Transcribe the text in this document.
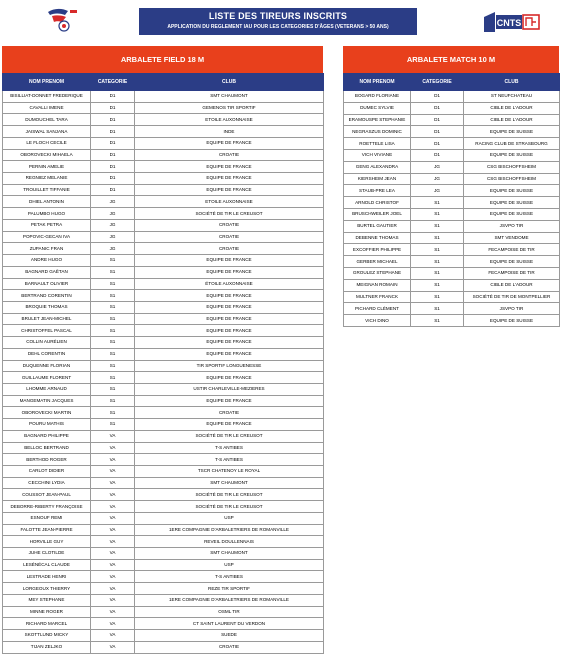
LISTE DES TIREURS INSCRITS
APPLICATION DU REGLEMENT IAU POUR LES CATEGORIES D'ÂGES (VETERANS > 50 ANS)	CNTS
ARBALETE FIELD 18 M
NOM PRENOM	CATEGORIE	CLUB
BISILLIAT-DONNET FREDERIQUE	D1	SMT CHAUMONT
CAVALLI IMENE	D1	GEMENOS TIR SPORTIF
DUMOUCHEL TARA	D1	ETOILE AUXONNAISE
JAISWAL SANJANA	D1	INDE
LE FLOCH CECILE	D1	EQUIPE DE FRANCE
OBOROVECKI MIHAELA	D1	CROATIE
PERNIN AMELIE	D1	EQUIPE DE FRANCE
REGNIEZ MELANIE	D1	EQUIPE DE FRANCE
TROUILLET TIFFANIE	D1	EQUIPE DE FRANCE
DHIEL ANTONIN	JG	ETOILE AUXONNAISE
PALUMBO HUGO	JG	SOCIÉTÉ DE TIR LE CREUSOT
PETAK PETRA	JG	CROATIE
POPOVIC-GECAN IVA	JG	CROATIE
ZUPANIC FRAN	JG	CROATIE
ANDRE HUGO	S1	EQUIPE DE FRANCE
BAGNARD GAËTAN	S1	EQUIPE DE FRANCE
BARNAULT OLIVIER	S1	ÉTOILE AUXONNAISE
BERTRAND CORENTIN	S1	EQUIPE DE FRANCE
BROQUIE THOMAS	S1	EQUIPE DE FRANCE
BRULET JEAN-MICHEL	S1	EQUIPE DE FRANCE
CHRISTOFFEL PASCAL	S1	EQUIPE DE FRANCE
COLLIN AURÉLIEN	S1	EQUIPE DE FRANCE
DEHL CORENTIN	S1	EQUIPE DE FRANCE
DUQUENNE FLORIAN	S1	TIR SPORTIF LONGUENESSE
GUILLAUME FLORENT	S1	EQUIPE DE FRANCE
LHOMME ARNAUD	S1	USTIR CHARLEVILLE-MEZIERES
MANGEMATIN JACQUES	S1	EQUIPE DE FRANCE
OBOROVECKI MARTIN	S1	CROATIE
POURU MATHIS	S1	EQUIPE DE FRANCE
BAGNARD PHILIPPE	VA	SOCIÉTÉ DE TIR LE CREUSOT
BELLOC BERTRAND	VA	T-S ANTIBES
BERTHOD ROGER	VA	T-S ANTIBES
CARLOT DIDIER	VA	TSCR CHATENOY LE ROYAL
CECCHINI LYDIA	VA	SMT CHAUMONT
COUSSOT JEAN-PAUL	VA	SOCIÉTÉ DE TIR LE CREUSOT
DEBORRE-RIBERTY FRANÇOISE	VA	SOCIÉTÉ DE TIR LE CREUSOT
ESNOUF REMI	VA	USP
FALOTTE JEAN-PIERRE	VA	1ERE COMPAGNIE D'ARBALETRIERS DE ROMANVILLE
HORVILLE GUY	VA	REVEIL DOULLENNAIS
JUHE CLOTILDE	VA	SMT CHAUMONT
LESÉNÉCAL CLAUDE	VA	USP
LESTRADE HENRI	VA	T-S ANTIBES
LORGEOUX THIERRY	VA	REZE TIR SPORTIF
MEY STEPHANE	VA	1ERE COMPAGNIE D'ARBALETRIERS DE ROMANVILLE
MINNE ROGER	VA	OSML TIR
RICHARD MARCEL	VA	CT SAINT LAURENT DU VERDON
SKOTTLUND MICKY	VA	SUEDE
TIJAN ZELJKO	VA	CROATIE
ARBALETE MATCH 10 M
NOM PRENOM	CATEGORIE	CLUB
BOGARD FLORIANE	D1	ST NEUFCHATEAU
DUMEC SYLVIE	D1	CIBLE DE L'ADOUR
ERAMOUSPE STEPHANIE	D1	CIBLE DE L'ADOUR
NEGRASZUS DOMINIC	D1	EQUIPE DE SUISSE
ROETTELE LISA	D1	RACING CLUB DE STRASBOURG
VICH VIVIANE	D1	EQUIPE DE SUISSE
GENG ALEXANDRA	JG	CSG BISCHOFFSHEIM
KIERSHEIM JEAN	JG	CSG BISCHOFFSHEIM
STAUB-PRE LEA	JG	EQUIPE DE SUISSE
ARNOLD CHRISTOF	S1	EQUIPE DE SUISSE
BRUSCHWEILER JOEL	S1	EQUIPE DE SUISSE
BURTEL GAUTIER	S1	JSVPO TIR
DEBENNE THOMAS	S1	SMT VENDOME
EXCOFFIER PHILIPPE	S1	FECAMPOISE DE TIR
GERBER MICHAEL	S1	EQUIPE DE SUISSE
GROULEZ STEPHANE	S1	FECAMPOISE DE TIR
MEIGNAN ROMAIN	S1	CIBLE DE L'ADOUR
MULTNER FRANCK	S1	SOCIÉTÉ DE TIR DE MONTPELLIER
PICHARD CLÉMENT	S1	JSVPO TIR
VICH DINO	S1	EQUIPE DE SUISSE
